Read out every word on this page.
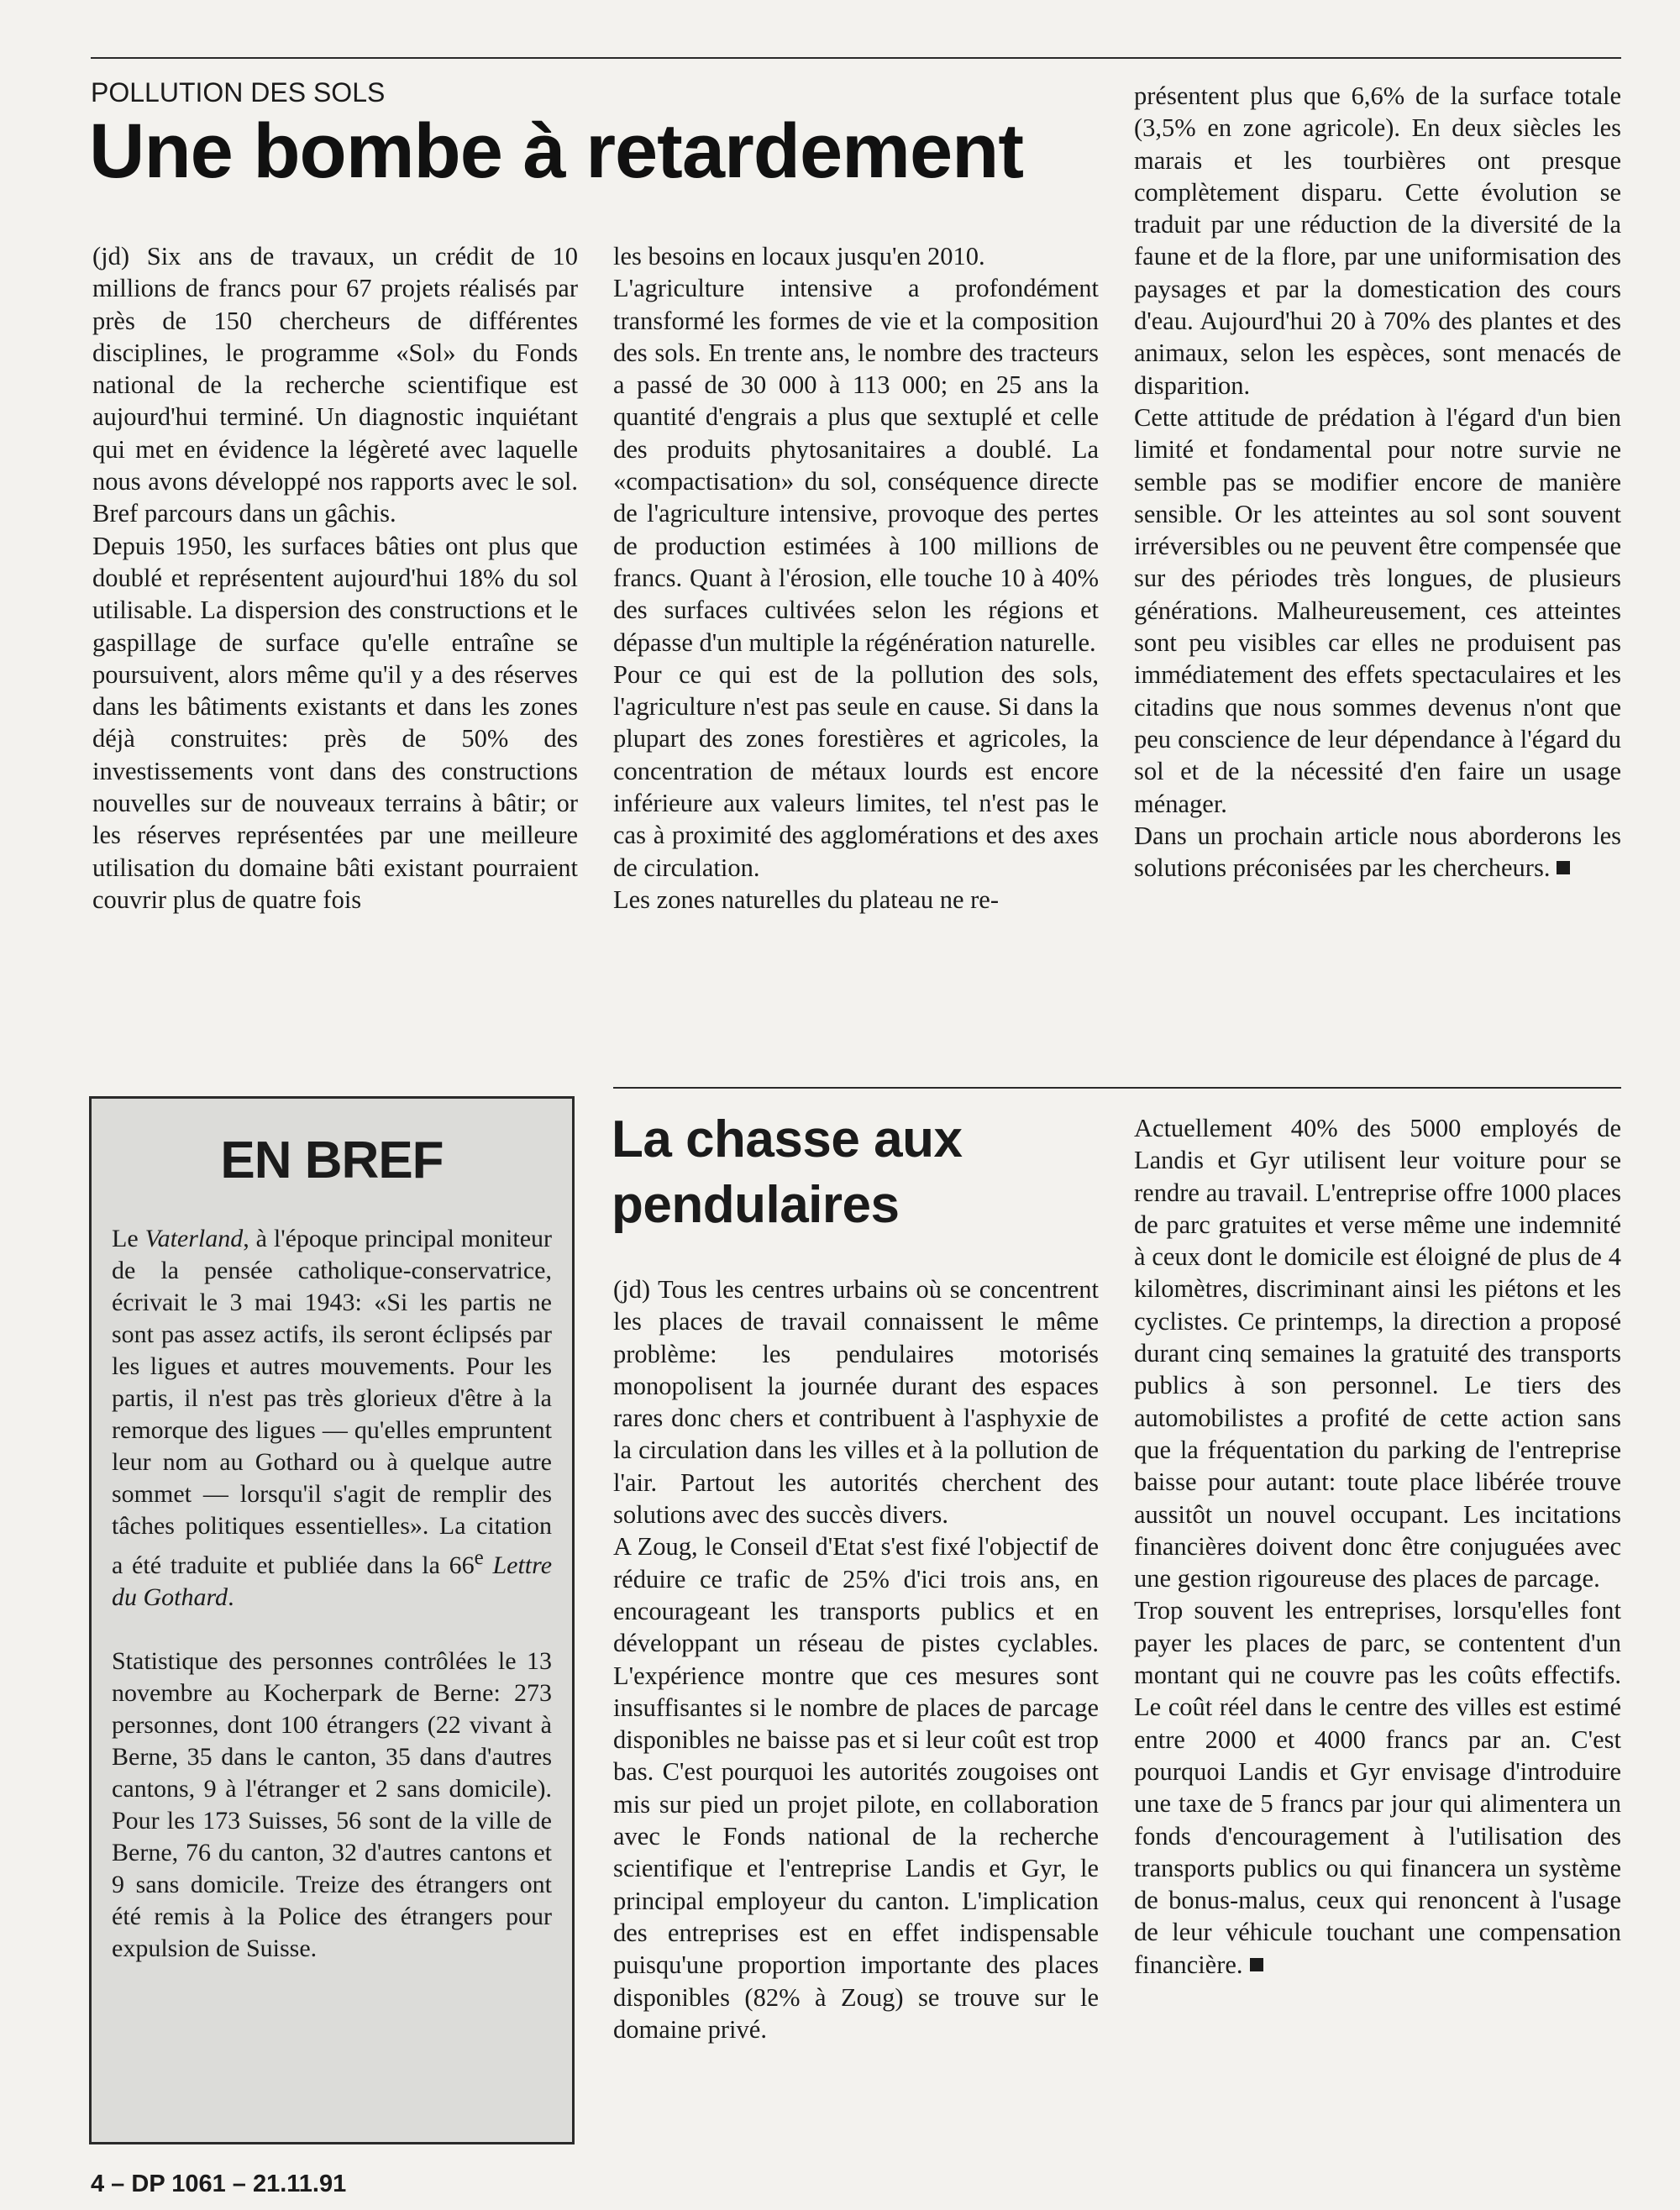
POLLUTION DES SOLS
Une bombe à retardement

(jd) Six ans de travaux, un crédit de 10 millions de francs pour 67 projets réalisés par près de 150 chercheurs de différentes disciplines, le programme «Sol» du Fonds national de la recherche scientifique est aujourd'hui terminé. Un diagnostic inquiétant qui met en évidence la légèreté avec laquelle nous avons développé nos rapports avec le sol. Bref parcours dans un gâchis.

Depuis 1950, les surfaces bâties ont plus que doublé et représentent aujourd'hui 18% du sol utilisable. La dispersion des constructions et le gaspillage de surface qu'elle entraîne se poursuivent, alors même qu'il y a des réserves dans les bâtiments existants et dans les zones déjà construites: près de 50% des investissements vont dans des constructions nouvelles sur de nouveaux terrains à bâtir; or les réserves représentées par une meilleure utilisation du domaine bâti existant pourraient couvrir plus de quatre fois

les besoins en locaux jusqu'en 2010.

L'agriculture intensive a profondément transformé les formes de vie et la composition des sols. En trente ans, le nombre des tracteurs a passé de 30 000 à 113 000; en 25 ans la quantité d'engrais a plus que sextuplé et celle des produits phytosanitaires a doublé. La «compactisation» du sol, conséquence directe de l'agriculture intensive, provoque des pertes de production estimées à 100 millions de francs. Quant à l'érosion, elle touche 10 à 40% des surfaces cultivées selon les régions et dépasse d'un multiple la régénération naturelle.

Pour ce qui est de la pollution des sols, l'agriculture n'est pas seule en cause. Si dans la plupart des zones forestières et agricoles, la concentration de métaux lourds est encore inférieure aux valeurs limites, tel n'est pas le cas à proximité des agglomérations et des axes de circulation.

Les zones naturelles du plateau ne re-

présentent plus que 6,6% de la surface totale (3,5% en zone agricole). En deux siècles les marais et les tourbières ont presque complètement disparu. Cette évolution se traduit par une réduction de la diversité de la faune et de la flore, par une uniformisation des paysages et par la domestication des cours d'eau. Aujourd'hui 20 à 70% des plantes et des animaux, selon les espèces, sont menacés de disparition.

Cette attitude de prédation à l'égard d'un bien limité et fondamental pour notre survie ne semble pas se modifier encore de manière sensible. Or les atteintes au sol sont souvent irréversibles ou ne peuvent être compensée que sur des périodes très longues, de plusieurs générations. Malheureusement, ces atteintes sont peu visibles car elles ne produisent pas immédiatement des effets spectaculaires et les citadins que nous sommes devenus n'ont que peu conscience de leur dépendance à l'égard du sol et de la nécessité d'en faire un usage ménager.

Dans un prochain article nous aborderons les solutions préconisées par les chercheurs.

EN BREF

Le Vaterland, à l'époque principal moniteur de la pensée catholique-conservatrice, écrivait le 3 mai 1943: «Si les partis ne sont pas assez actifs, ils seront éclipsés par les ligues et autres mouvements. Pour les partis, il n'est pas très glorieux d'être à la remorque des ligues — qu'elles empruntent leur nom au Gothard ou à quelque autre sommet — lorsqu'il s'agit de remplir des tâches politiques essentielles». La citation a été traduite et publiée dans la 66e Lettre du Gothard.

Statistique des personnes contrôlées le 13 novembre au Kocherpark de Berne: 273 personnes, dont 100 étrangers (22 vivant à Berne, 35 dans le canton, 35 dans d'autres cantons, 9 à l'étranger et 2 sans domicile). Pour les 173 Suisses, 56 sont de la ville de Berne, 76 du canton, 32 d'autres cantons et 9 sans domicile. Treize des étrangers ont été remis à la Police des étrangers pour expulsion de Suisse.

La chasse aux pendulaires

(jd) Tous les centres urbains où se concentrent les places de travail connaissent le même problème: les pendulaires motorisés monopolisent la journée durant des espaces rares donc chers et contribuent à l'asphyxie de la circulation dans les villes et à la pollution de l'air. Partout les autorités cherchent des solutions avec des succès divers.

A Zoug, le Conseil d'Etat s'est fixé l'objectif de réduire ce trafic de 25% d'ici trois ans, en encourageant les transports publics et en développant un réseau de pistes cyclables. L'expérience montre que ces mesures sont insuffisantes si le nombre de places de parcage disponibles ne baisse pas et si leur coût est trop bas. C'est pourquoi les autorités zougoises ont mis sur pied un projet pilote, en collaboration avec le Fonds national de la recherche scientifique et l'entreprise Landis et Gyr, le principal employeur du canton. L'implication des entreprises est en effet indispensable puisqu'une proportion importante des places disponibles (82% à Zoug) se trouve sur le domaine privé.

Actuellement 40% des 5000 employés de Landis et Gyr utilisent leur voiture pour se rendre au travail. L'entreprise offre 1000 places de parc gratuites et verse même une indemnité à ceux dont le domicile est éloigné de plus de 4 kilomètres, discriminant ainsi les piétons et les cyclistes. Ce printemps, la direction a proposé durant cinq semaines la gratuité des transports publics à son personnel. Le tiers des automobilistes a profité de cette action sans que la fréquentation du parking de l'entreprise baisse pour autant: toute place libérée trouve aussitôt un nouvel occupant. Les incitations financières doivent donc être conjuguées avec une gestion rigoureuse des places de parcage.

Trop souvent les entreprises, lorsqu'elles font payer les places de parc, se contentent d'un montant qui ne couvre pas les coûts effectifs. Le coût réel dans le centre des villes est estimé entre 2000 et 4000 francs par an. C'est pourquoi Landis et Gyr envisage d'introduire une taxe de 5 francs par jour qui alimentera un fonds d'encouragement à l'utilisation des transports publics ou qui financera un système de bonus-malus, ceux qui renoncent à l'usage de leur véhicule touchant une compensation financière.

4 – DP 1061 – 21.11.91
